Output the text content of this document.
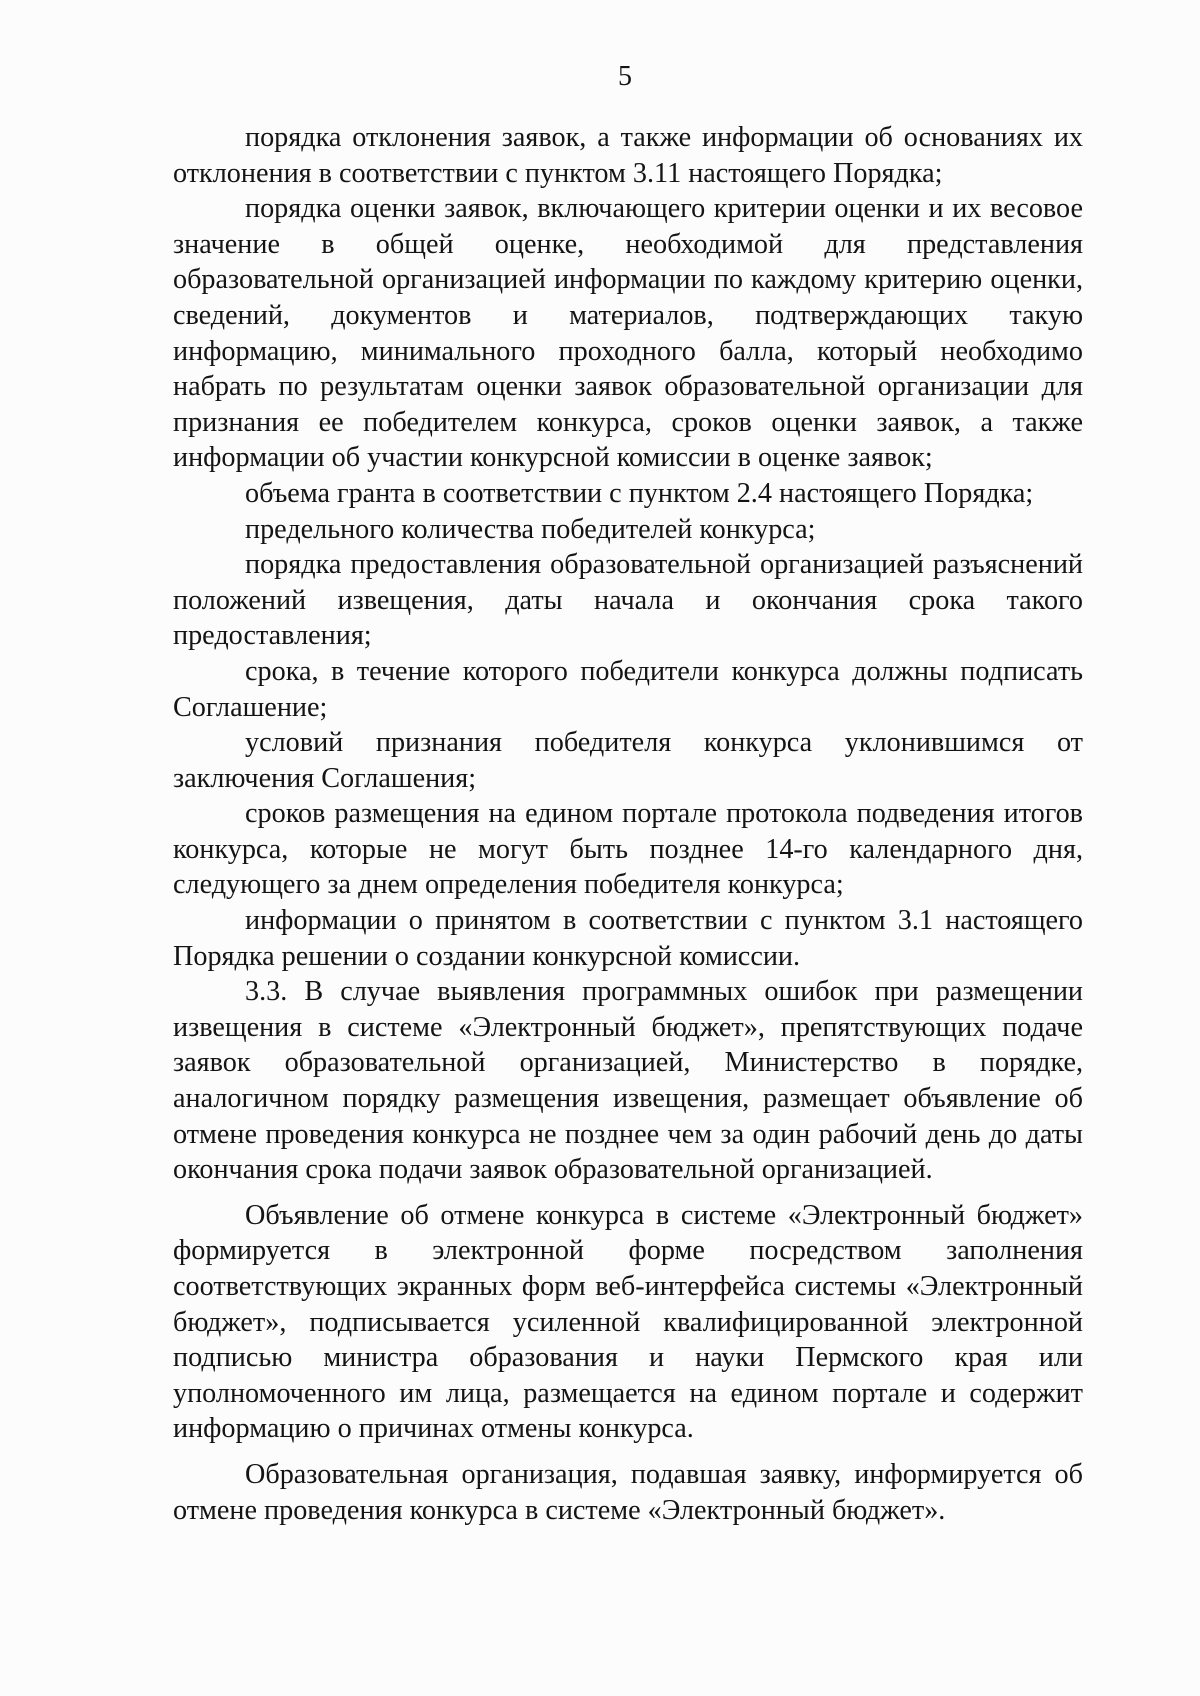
5

порядка отклонения заявок, а также информации об основаниях их отклонения в соответствии с пунктом 3.11 настоящего Порядка;

порядка оценки заявок, включающего критерии оценки и их весовое значение в общей оценке, необходимой для представления образовательной организацией информации по каждому критерию оценки, сведений, документов и материалов, подтверждающих такую информацию, минимального проходного балла, который необходимо набрать по результатам оценки заявок образовательной организации для признания ее победителем конкурса, сроков оценки заявок, а также информации об участии конкурсной комиссии в оценке заявок;

объема гранта в соответствии с пунктом 2.4 настоящего Порядка;

предельного количества победителей конкурса;

порядка предоставления образовательной организацией разъяснений положений извещения, даты начала и окончания срока такого предоставления;

срока, в течение которого победители конкурса должны подписать Соглашение;

условий признания победителя конкурса уклонившимся от заключения Соглашения;

сроков размещения на едином портале протокола подведения итогов конкурса, которые не могут быть позднее 14-го календарного дня, следующего за днем определения победителя конкурса;

информации о принятом в соответствии с пунктом 3.1 настоящего Порядка решении о создании конкурсной комиссии.

3.3. В случае выявления программных ошибок при размещении извещения в системе «Электронный бюджет», препятствующих подаче заявок образовательной организацией, Министерство в порядке, аналогичном порядку размещения извещения, размещает объявление об отмене проведения конкурса не позднее чем за один рабочий день до даты окончания срока подачи заявок образовательной организацией.

Объявление об отмене конкурса в системе «Электронный бюджет» формируется в электронной форме посредством заполнения соответствующих экранных форм веб-интерфейса системы «Электронный бюджет», подписывается усиленной квалифицированной электронной подписью министра образования и науки Пермского края или уполномоченного им лица, размещается на едином портале и содержит информацию о причинах отмены конкурса.

Образовательная организация, подавшая заявку, информируется об отмене проведения конкурса в системе «Электронный бюджет».
